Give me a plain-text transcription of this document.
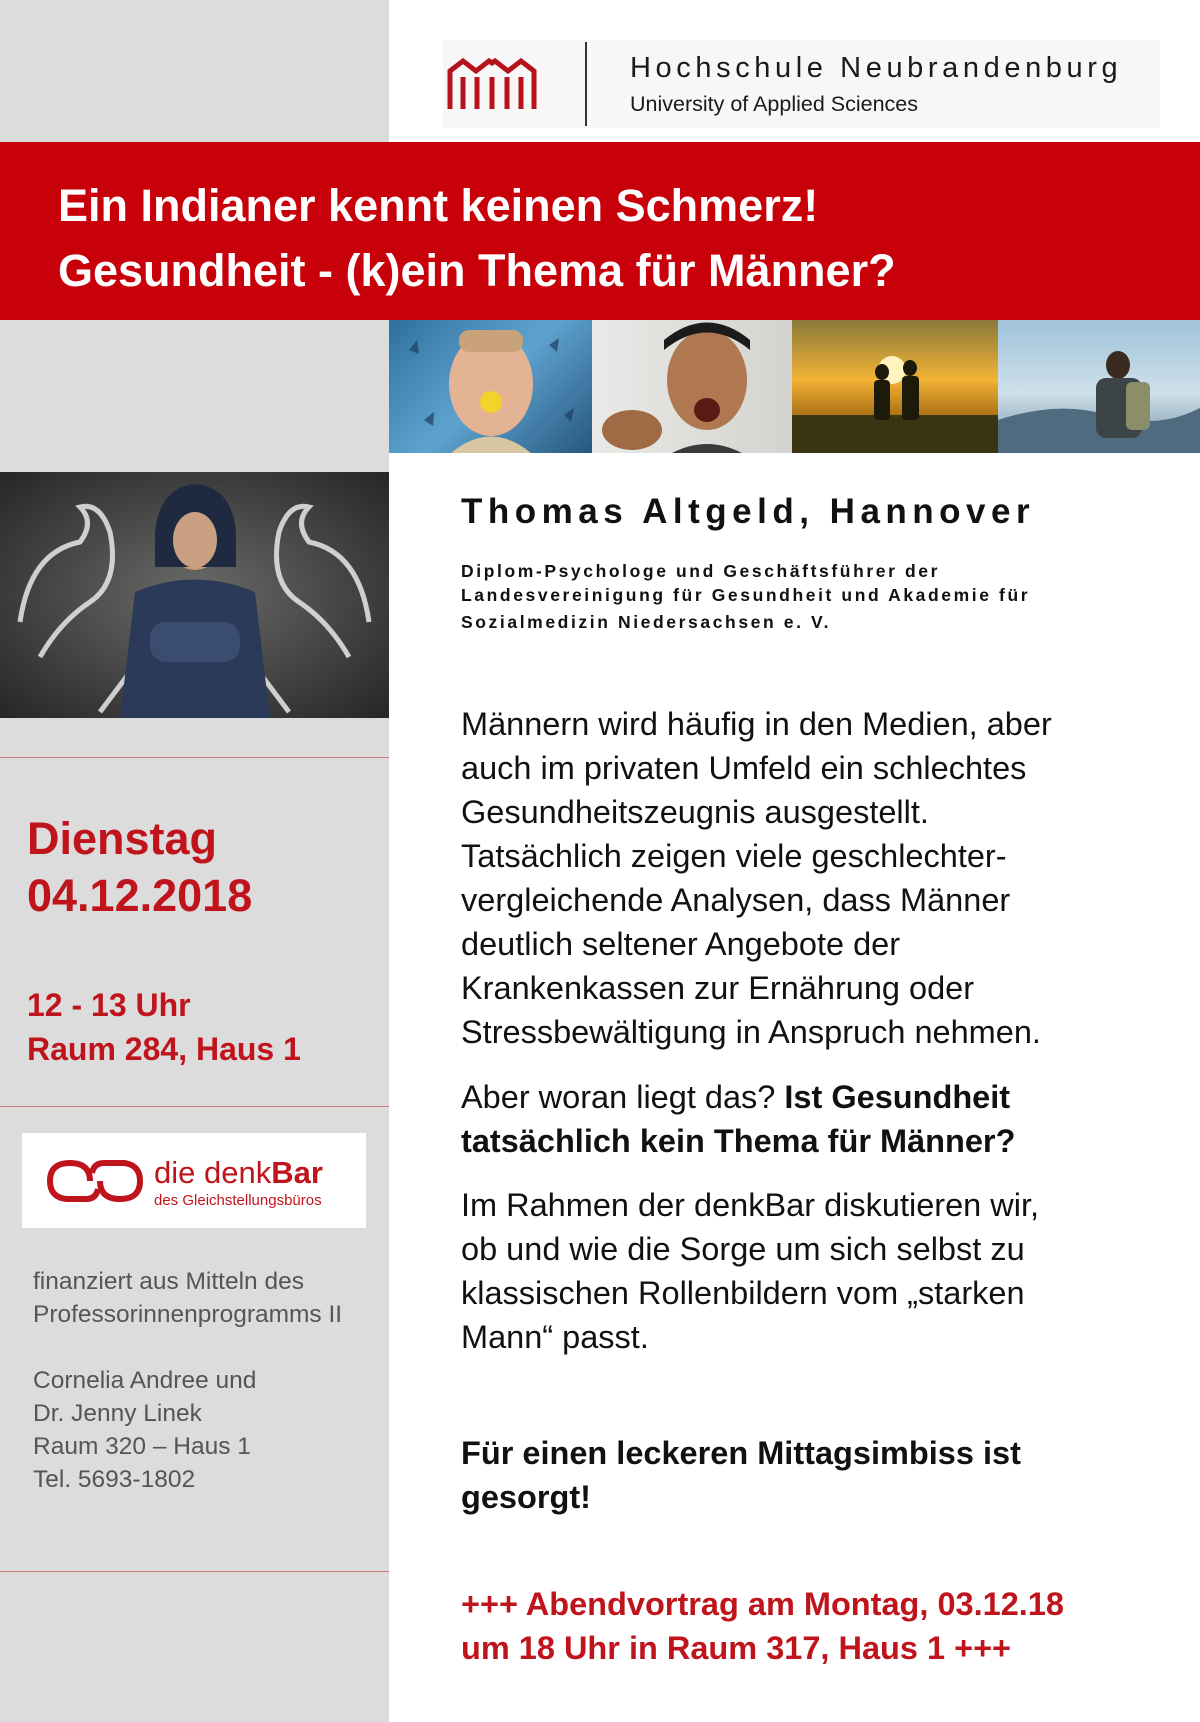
Hochschule Neubrandenburg
University of Applied Sciences
Ein Indianer kennt keinen Schmerz!
Gesundheit - (k)ein Thema für Männer?
Dienstag
04.12.2018
12 - 13 Uhr
Raum 284, Haus 1
die denkBar
des Gleichstellungsbüros
finanziert aus Mitteln des
Professorinnenprogramms II
Cornelia Andree und
Dr. Jenny Linek
Raum 320 – Haus 1
Tel. 5693-1802
Thomas Altgeld, Hannover
Diplom-Psychologe und Geschäftsführer der
Landesvereinigung für Gesundheit und Akademie für
Sozialmedizin Niedersachsen e. V.
Männern wird häufig in den Medien, aber
auch im privaten Umfeld ein schlechtes
Gesundheitszeugnis ausgestellt.
Tatsächlich zeigen viele geschlechter-
vergleichende Analysen, dass Männer
deutlich seltener Angebote der
Krankenkassen zur Ernährung oder
Stressbewältigung in Anspruch nehmen.
Aber woran liegt das? Ist Gesundheit
tatsächlich kein Thema für Männer?
Im Rahmen der denkBar diskutieren wir,
ob und wie die Sorge um sich selbst zu
klassischen Rollenbildern vom „starken
Mann“ passt.
Für einen leckeren Mittagsimbiss ist
gesorgt!
+++ Abendvortrag am Montag, 03.12.18
um 18 Uhr in Raum 317, Haus 1 +++
